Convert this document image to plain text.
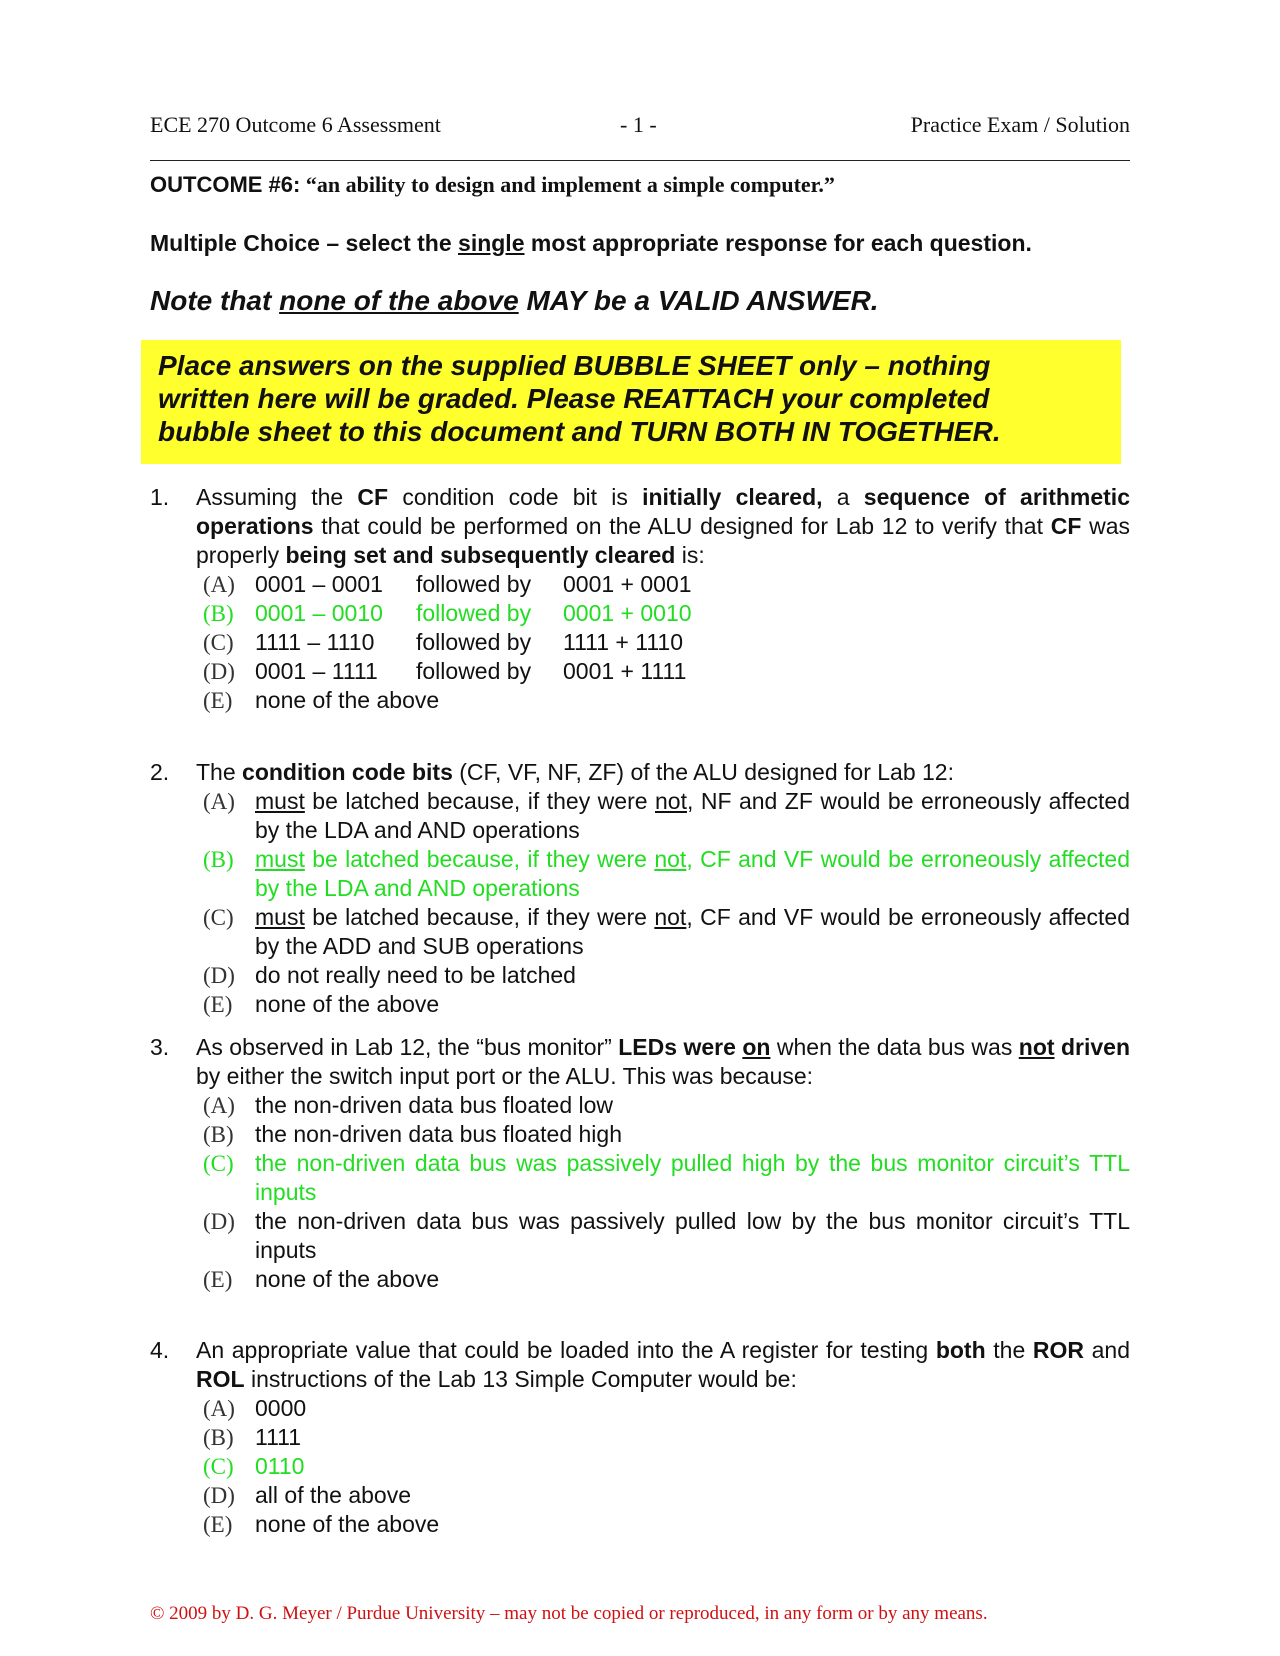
ECE 270 Outcome 6 Assessment	- 1 -	Practice Exam / Solution
OUTCOME #6: “an ability to design and implement a simple computer.”
Multiple Choice – select the single most appropriate response for each question.
Note that none of the above MAY be a VALID ANSWER.
Place answers on the supplied BUBBLE SHEET only – nothing
written here will be graded. Please REATTACH your completed
bubble sheet to this document and TURN BOTH IN TOGETHER.
1. Assuming the CF condition code bit is initially cleared, a sequence of arithmetic operations that could be performed on the ALU designed for Lab 12 to verify that CF was properly being set and subsequently cleared is:
(A) 0001 – 0001 followed by 0001 + 0001
(B) 0001 – 0010 followed by 0001 + 0010
(C) 1111 – 1110 followed by 1111 + 1110
(D) 0001 – 1111 followed by 0001 + 1111
(E) none of the above
2. The condition code bits (CF, VF, NF, ZF) of the ALU designed for Lab 12:
(A) must be latched because, if they were not, NF and ZF would be erroneously affected by the LDA and AND operations
(B) must be latched because, if they were not, CF and VF would be erroneously affected by the LDA and AND operations
(C) must be latched because, if they were not, CF and VF would be erroneously affected by the ADD and SUB operations
(D) do not really need to be latched
(E) none of the above
3. As observed in Lab 12, the “bus monitor” LEDs were on when the data bus was not driven by either the switch input port or the ALU. This was because:
(A) the non-driven data bus floated low
(B) the non-driven data bus floated high
(C) the non-driven data bus was passively pulled high by the bus monitor circuit’s TTL inputs
(D) the non-driven data bus was passively pulled low by the bus monitor circuit’s TTL inputs
(E) none of the above
4. An appropriate value that could be loaded into the A register for testing both the ROR and ROL instructions of the Lab 13 Simple Computer would be:
(A) 0000
(B) 1111
(C) 0110
(D) all of the above
(E) none of the above
© 2009 by D. G. Meyer / Purdue University – may not be copied or reproduced, in any form or by any means.
